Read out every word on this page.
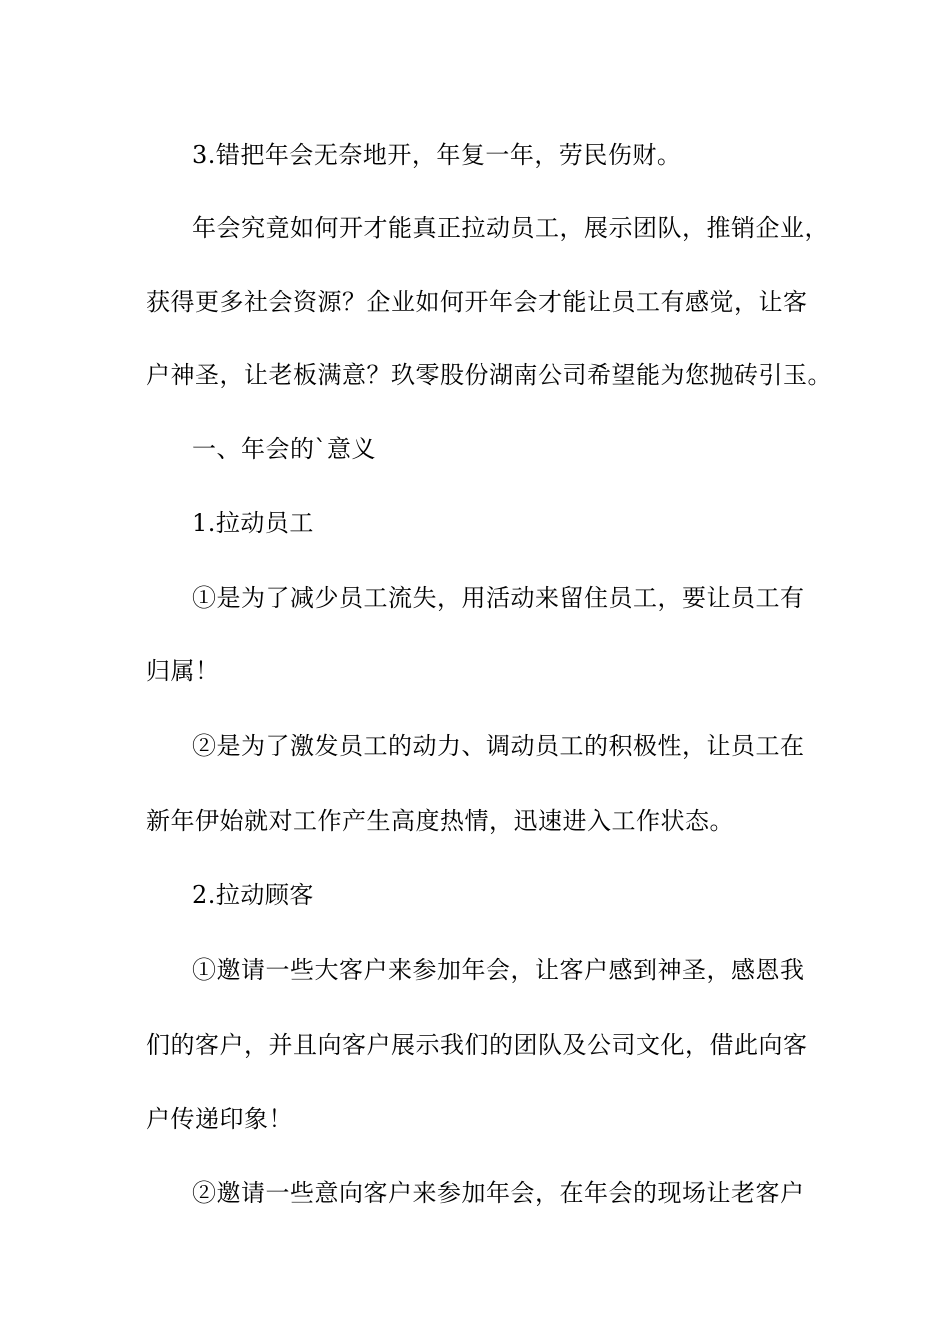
3.错把年会无奈地开，年复一年，劳民伤财。
年会究竟如何开才能真正拉动员工，展示团队，推销企业，
获得更多社会资源？企业如何开年会才能让员工有感觉，让客
户神圣，让老板满意？玖零股份湖南公司希望能为您抛砖引玉。
一、年会的`意义
1.拉动员工
①是为了减少员工流失，用活动来留住员工，要让员工有
归属！
②是为了激发员工的动力、调动员工的积极性，让员工在
新年伊始就对工作产生高度热情，迅速进入工作状态。
2.拉动顾客
①邀请一些大客户来参加年会，让客户感到神圣，感恩我
们的客户，并且向客户展示我们的团队及公司文化，借此向客
户传递印象！
②邀请一些意向客户来参加年会，在年会的现场让老客户
